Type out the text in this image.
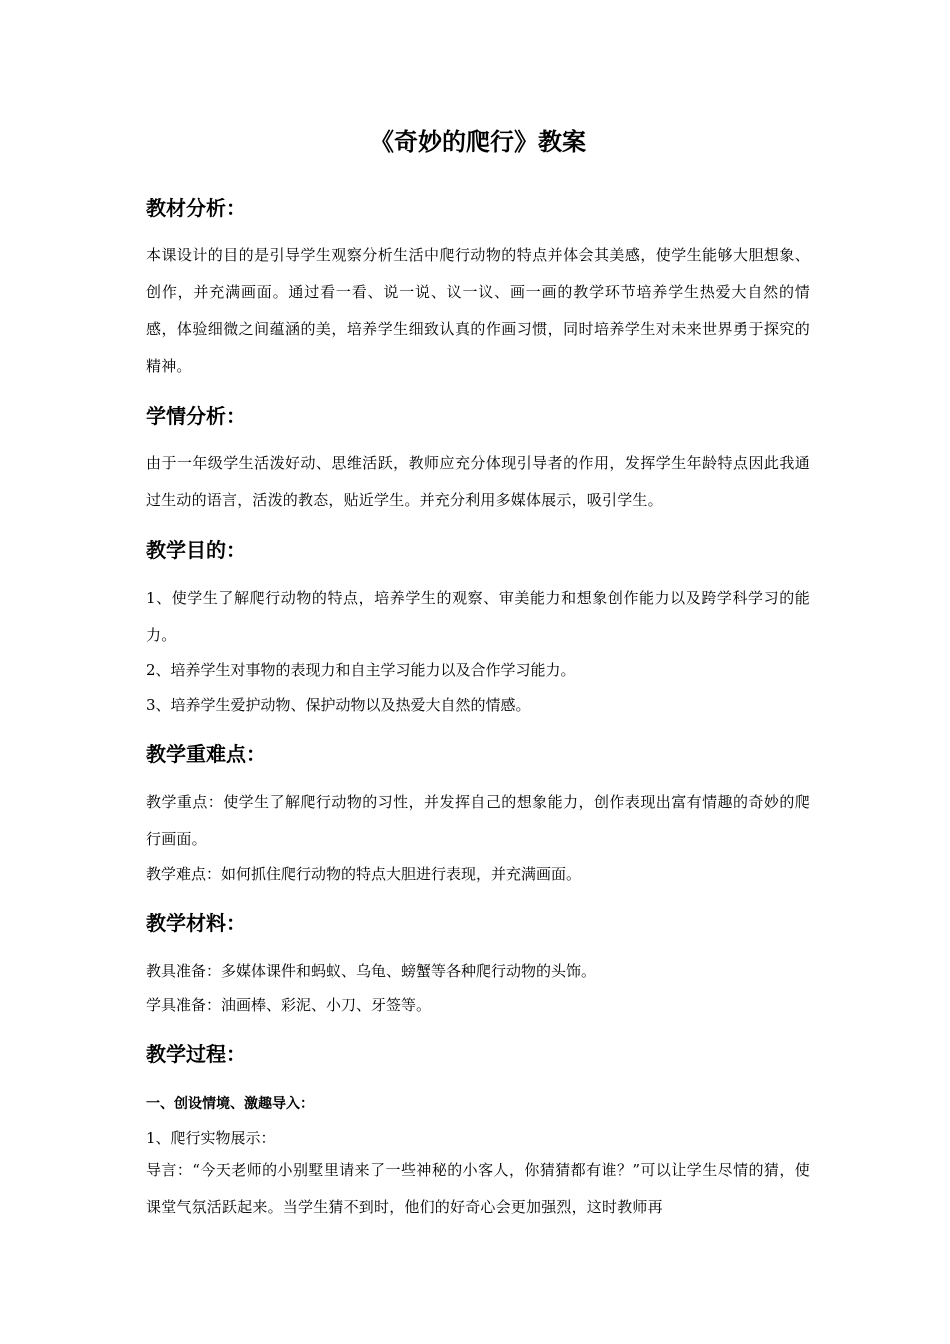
《奇妙的爬行》教案
教材分析：

本课设计的目的是引导学生观察分析生活中爬行动物的特点并体会其美感，使学生能够大胆想象、创作，并充满画面。通过看一看、说一说、议一议、画一画的教学环节培养学生热爱大自然的情感，体验细微之间蕴涵的美，培养学生细致认真的作画习惯，同时培养学生对未来世界勇于探究的精神。

学情分析：

由于一年级学生活泼好动、思维活跃，教师应充分体现引导者的作用，发挥学生年龄特点因此我通过生动的语言，活泼的教态，贴近学生。并充分利用多媒体展示，吸引学生。

教学目的：

1、使学生了解爬行动物的特点，培养学生的观察、审美能力和想象创作能力以及跨学科学习的能力。

2、培养学生对事物的表现力和自主学习能力以及合作学习能力。

3、培养学生爱护动物、保护动物以及热爱大自然的情感。

教学重难点：

教学重点：使学生了解爬行动物的习性，并发挥自己的想象能力，创作表现出富有情趣的奇妙的爬行画面。

教学难点：如何抓住爬行动物的特点大胆进行表现，并充满画面。

教学材料：

教具准备：多媒体课件和蚂蚁、乌龟、螃蟹等各种爬行动物的头饰。

学具准备：油画棒、彩泥、小刀、牙签等。

教学过程：

一、创设情境、激趣导入：

1、爬行实物展示：

导言：“今天老师的小别墅里请来了一些神秘的小客人，你猜猜都有谁？”可以让学生尽情的猜，使课堂气氛活跃起来。当学生猜不到时，他们的好奇心会更加强烈，这时教师再
